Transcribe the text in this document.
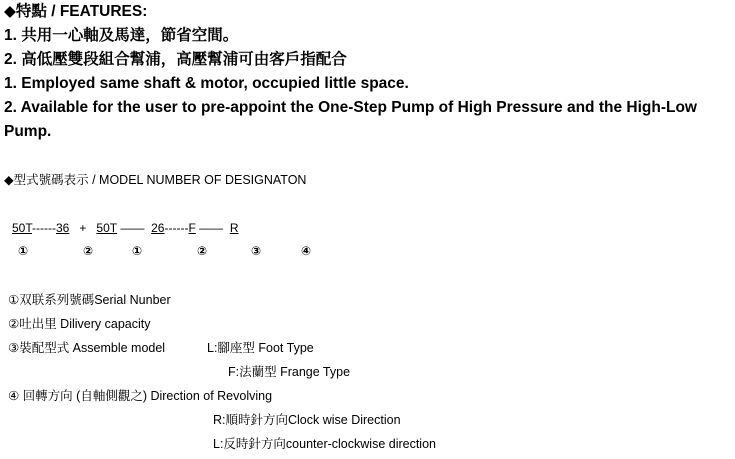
◆特點 / FEATURES:
1. 共用一心軸及馬達，節省空間。
2. 高低壓雙段組合幫浦，高壓幫浦可由客戶指配合
1. Employed same shaft & motor, occupied little space.
2. Available for the user to pre-appoint the One-Step Pump of High Pressure and the High-Low
Pump.
◆型式號碼表示 / MODEL NUMBER OF DESIGNATON
50T------36 + 50T —— 26------F —— R
①	②	①	②	③	④
①双联系列號碼Serial Nunber
②吐出里 Dilivery capacity
③裝配型式 Assemble model	L:腳座型 Foot Type
F:法蘭型 Frange Type
④ 回轉方向 (自軸側觀之) Direction of Revolving
R:順時針方向Clock wise Direction
L:反時針方向counter-clockwise direction
